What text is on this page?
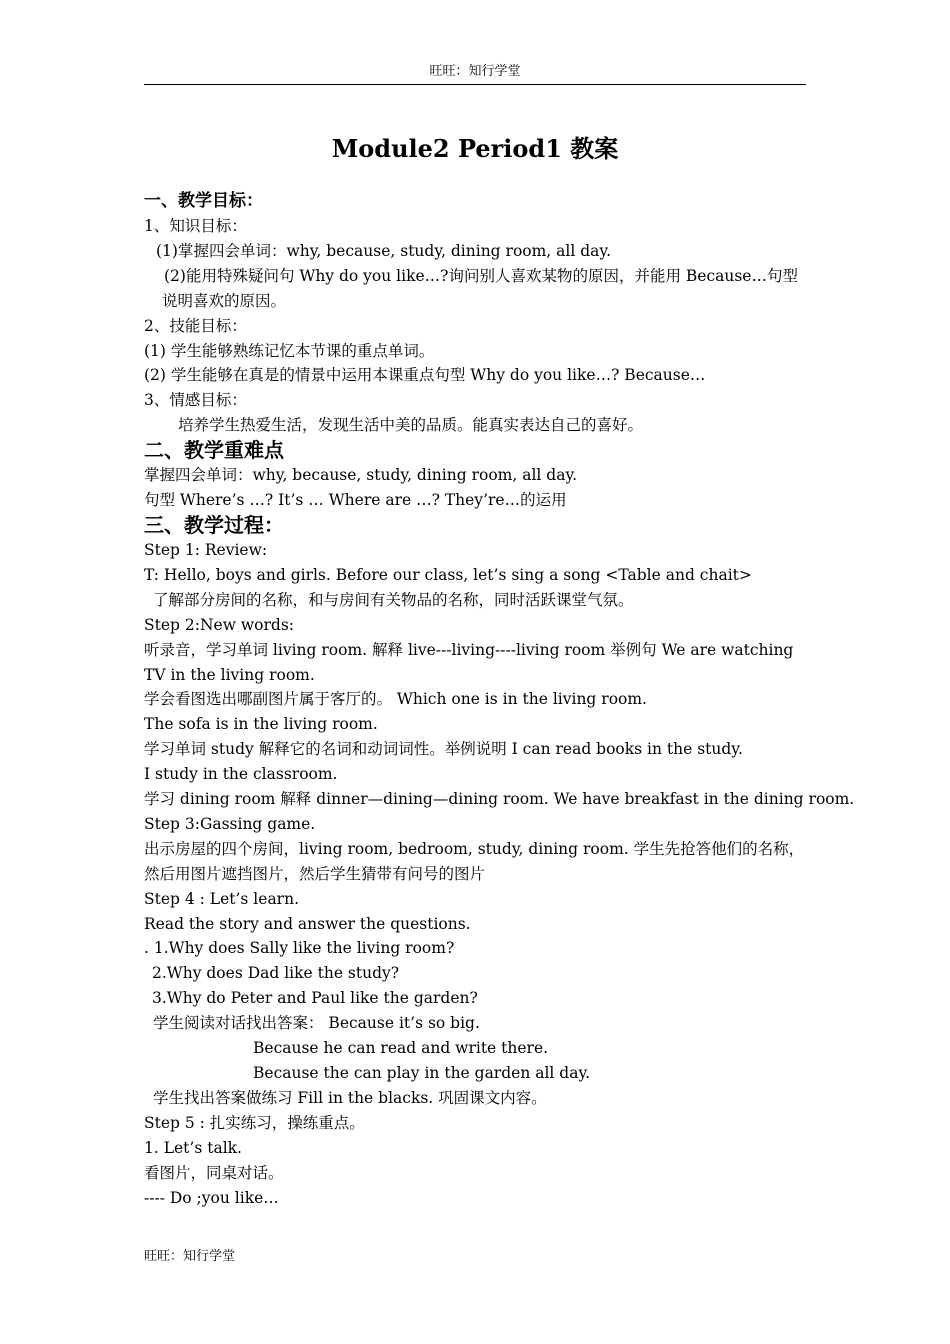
旺旺：知行学堂
Module2 Period1 教案
一、教学目标：
1、知识目标：
(1)掌握四会单词：why, because, study, dining room, all day.
(2)能用特殊疑问句 Why do you like…?询问别人喜欢某物的原因，并能用 Because…句型说明喜欢的原因。
2、技能目标：
(1) 学生能够熟练记忆本节课的重点单词。
(2) 学生能够在真是的情景中运用本课重点句型 Why do you like…? Because…
3、情感目标：
培养学生热爱生活，发现生活中美的品质。能真实表达自己的喜好。
二、教学重难点
掌握四会单词：why, because, study, dining room, all day.
句型 Where’s …? It’s … Where are …? They’re…的运用
三、教学过程：
Step 1: Review:
T: Hello, boys and girls. Before our class, let’s sing a song <Table and chait>
了解部分房间的名称，和与房间有关物品的名称，同时活跃课堂气氛。
Step 2:New words:
听录音，学习单词 living room. 解释 live---living----living room 举例句 We are watching TV in the living room.
学会看图选出哪副图片属于客厅的。 Which one is in the living room.
The sofa is in the living room.
学习单词 study 解释它的名词和动词词性。举例说明 I can read books in the study.
I study in the classroom.
学习 dining room 解释 dinner—dining—dining room. We have breakfast in the dining room.
Step 3:Gassing game.
出示房屋的四个房间，living room, bedroom, study, dining room. 学生先抢答他们的名称，然后用图片遮挡图片，然后学生猜带有问号的图片
Step 4 : Let’s learn.
Read the story and answer the questions.
. 1.Why does Sally like the living room?
2.Why does Dad like the study?
3.Why do Peter and Paul like the garden?
学生阅读对话找出答案： Because it’s so big.
Because he can read and write there.
Because the can play in the garden all day.
学生找出答案做练习 Fill in the blacks. 巩固课文内容。
Step 5 : 扎实练习，操练重点。
1. Let’s talk.
看图片，同桌对话。
---- Do ;you like…
旺旺：知行学堂
